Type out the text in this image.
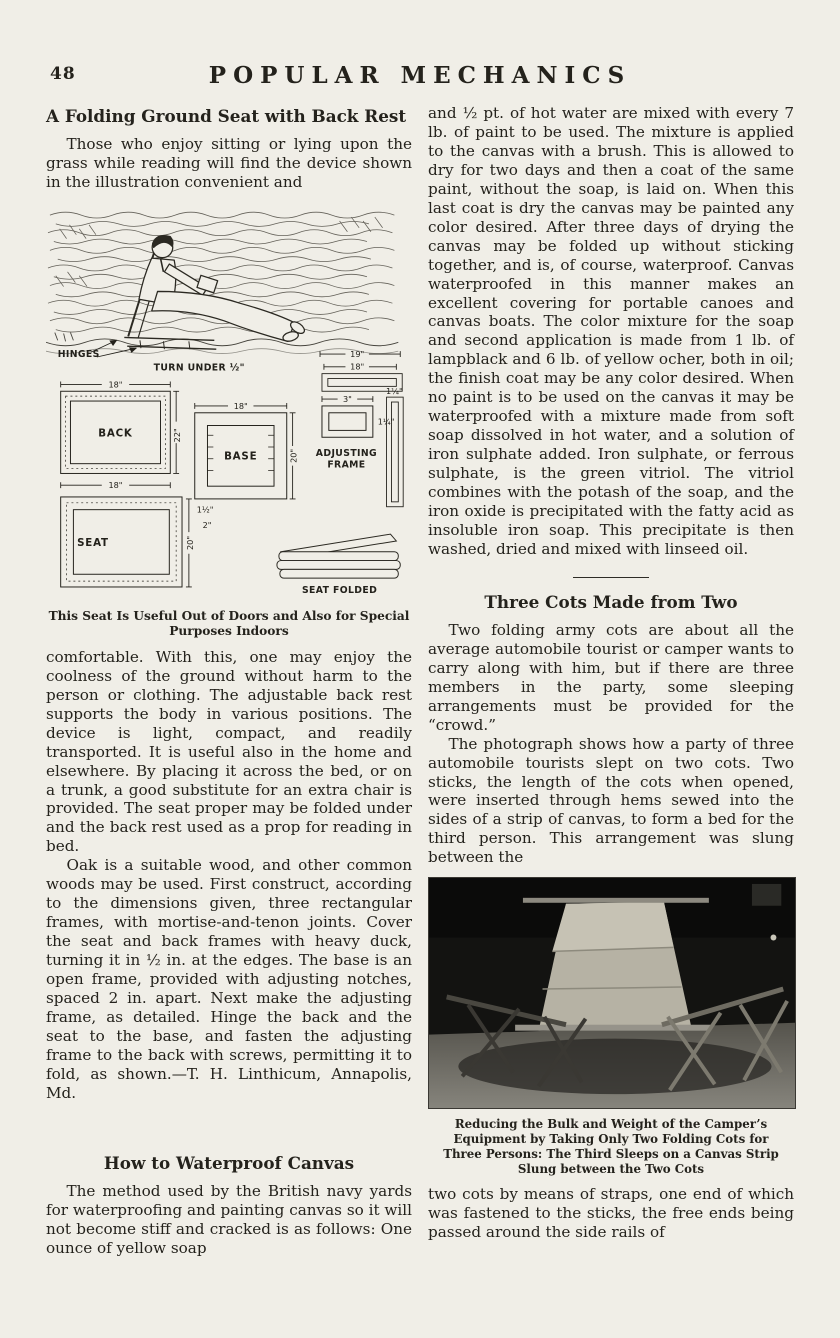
48	POPULAR MECHANICS
A Folding Ground Seat with Back Rest

Those who enjoy sitting or lying upon the grass while reading will find the device shown in the illustration convenient and

HINGES
TURN UNDER ½"
19"
18"
1¼"
18"
BACK	22"
18"
18"
BASE	20"
3"
1¼"
ADJUSTING
FRAME
SEAT	20"
1½"
2"
SEAT FOLDED
This Seat Is Useful Out of Doors and Also for Special Purposes Indoors

comfortable. With this, one may enjoy the coolness of the ground without harm to the person or clothing. The adjustable back rest supports the body in various positions. The device is light, compact, and readily transported. It is useful also in the home and elsewhere. By placing it across the bed, or on a trunk, a good substitute for an extra chair is provided. The seat proper may be folded under and the back rest used as a prop for reading in bed.

Oak is a suitable wood, and other common woods may be used. First construct, according to the dimensions given, three rectangular frames, with mortise-and-tenon joints. Cover the seat and back frames with heavy duck, turning it in ½ in. at the edges. The base is an open frame, provided with adjusting notches, spaced 2 in. apart. Next make the adjusting frame, as detailed. Hinge the back and the seat to the base, and fasten the adjusting frame to the back with screws, permitting it to fold, as shown.—T. H. Linthicum, Annapolis, Md.

How to Waterproof Canvas

The method used by the British navy yards for waterproofing and painting canvas so it will not become stiff and cracked is as follows: One ounce of yellow soap

and ½ pt. of hot water are mixed with every 7 lb. of paint to be used. The mixture is applied to the canvas with a brush. This is allowed to dry for two days and then a coat of the same paint, without the soap, is laid on. When this last coat is dry the canvas may be painted any color desired. After three days of drying the canvas may be folded up without sticking together, and is, of course, waterproof. Canvas waterproofed in this manner makes an excellent covering for portable canoes and canvas boats. The color mixture for the soap and second application is made from 1 lb. of lampblack and 6 lb. of yellow ocher, both in oil; the finish coat may be any color desired. When no paint is to be used on the canvas it may be waterproofed with a mixture made from soft soap dissolved in hot water, and a solution of iron sulphate added. Iron sulphate, or ferrous sulphate, is the green vitriol. The vitriol combines with the potash of the soap, and the iron oxide is precipitated with the fatty acid as insoluble iron soap. This precipitate is then washed, dried and mixed with linseed oil.

Three Cots Made from Two

Two folding army cots are about all the average automobile tourist or camper wants to carry along with him, but if there are three members in the party, some sleeping arrangements must be provided for the “crowd.”

The photograph shows how a party of three automobile tourists slept on two cots. Two sticks, the length of the cots when opened, were inserted through hems sewed into the sides of a strip of canvas, to form a bed for the third person. This arrangement was slung between the

Reducing the Bulk and Weight of the Camper’s Equipment by Taking Only Two Folding Cots for Three Persons: The Third Sleeps on a Canvas Strip Slung between the Two Cots

two cots by means of straps, one end of which was fastened to the sticks, the free ends being passed around the side rails of
